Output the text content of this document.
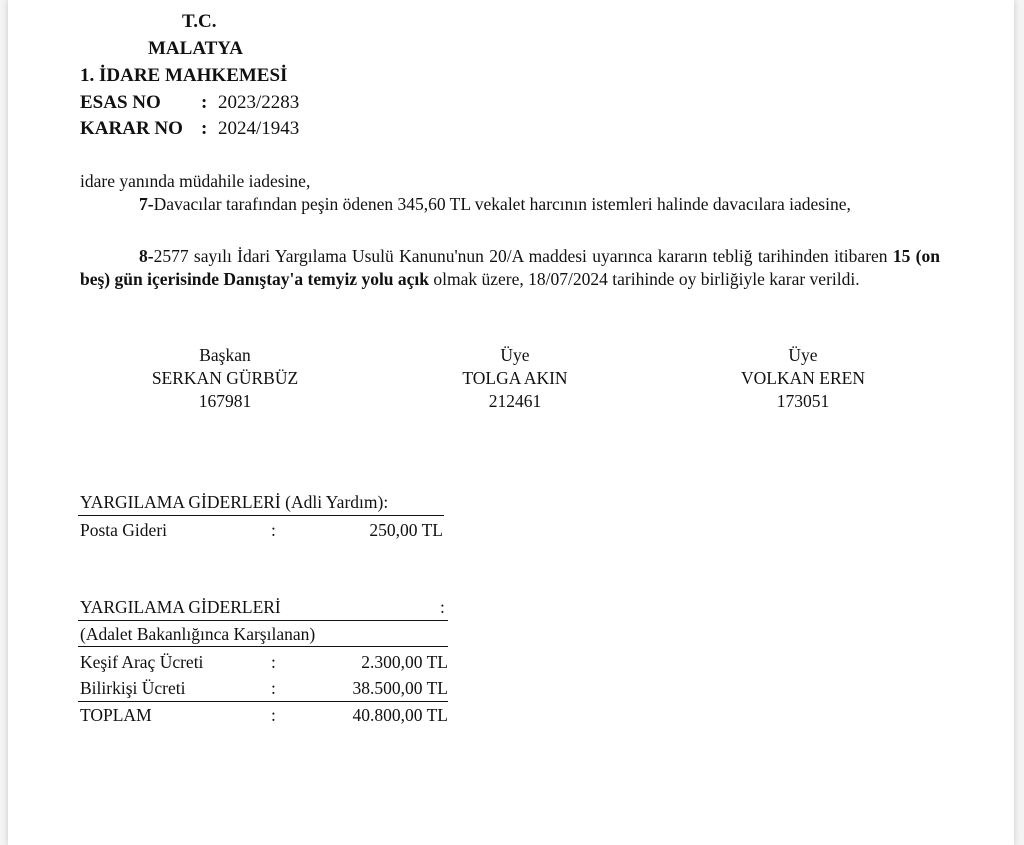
T.C.
MALATYA
1. İDARE MAHKEMESİ
ESAS NO : 2023/2283
KARAR NO : 2024/1943
idare yanında müdahile iadesine,
7-Davacılar tarafından peşin ödenen 345,60 TL vekalet harcının istemleri halinde davacılara iadesine,
8-2577 sayılı İdari Yargılama Usulü Kanunu'nun 20/A maddesi uyarınca kararın tebliğ tarihinden itibaren 15 (on beş) gün içerisinde Danıştay'a temyiz yolu açık olmak üzere, 18/07/2024 tarihinde oy birliğiyle karar verildi.
Başkan
SERKAN GÜRBÜZ
167981
Üye
TOLGA AKIN
212461
Üye
VOLKAN EREN
173051
YARGILAMA GİDERLERİ (Adli Yardım):
Posta Gideri	:	250,00 TL
YARGILAMA GİDERLERİ	:
(Adalet Bakanlığınca Karşılanan)
Keşif Araç Ücreti	:	2.300,00 TL
Bilirkişi Ücreti	:	38.500,00 TL
TOPLAM	:	40.800,00 TL
